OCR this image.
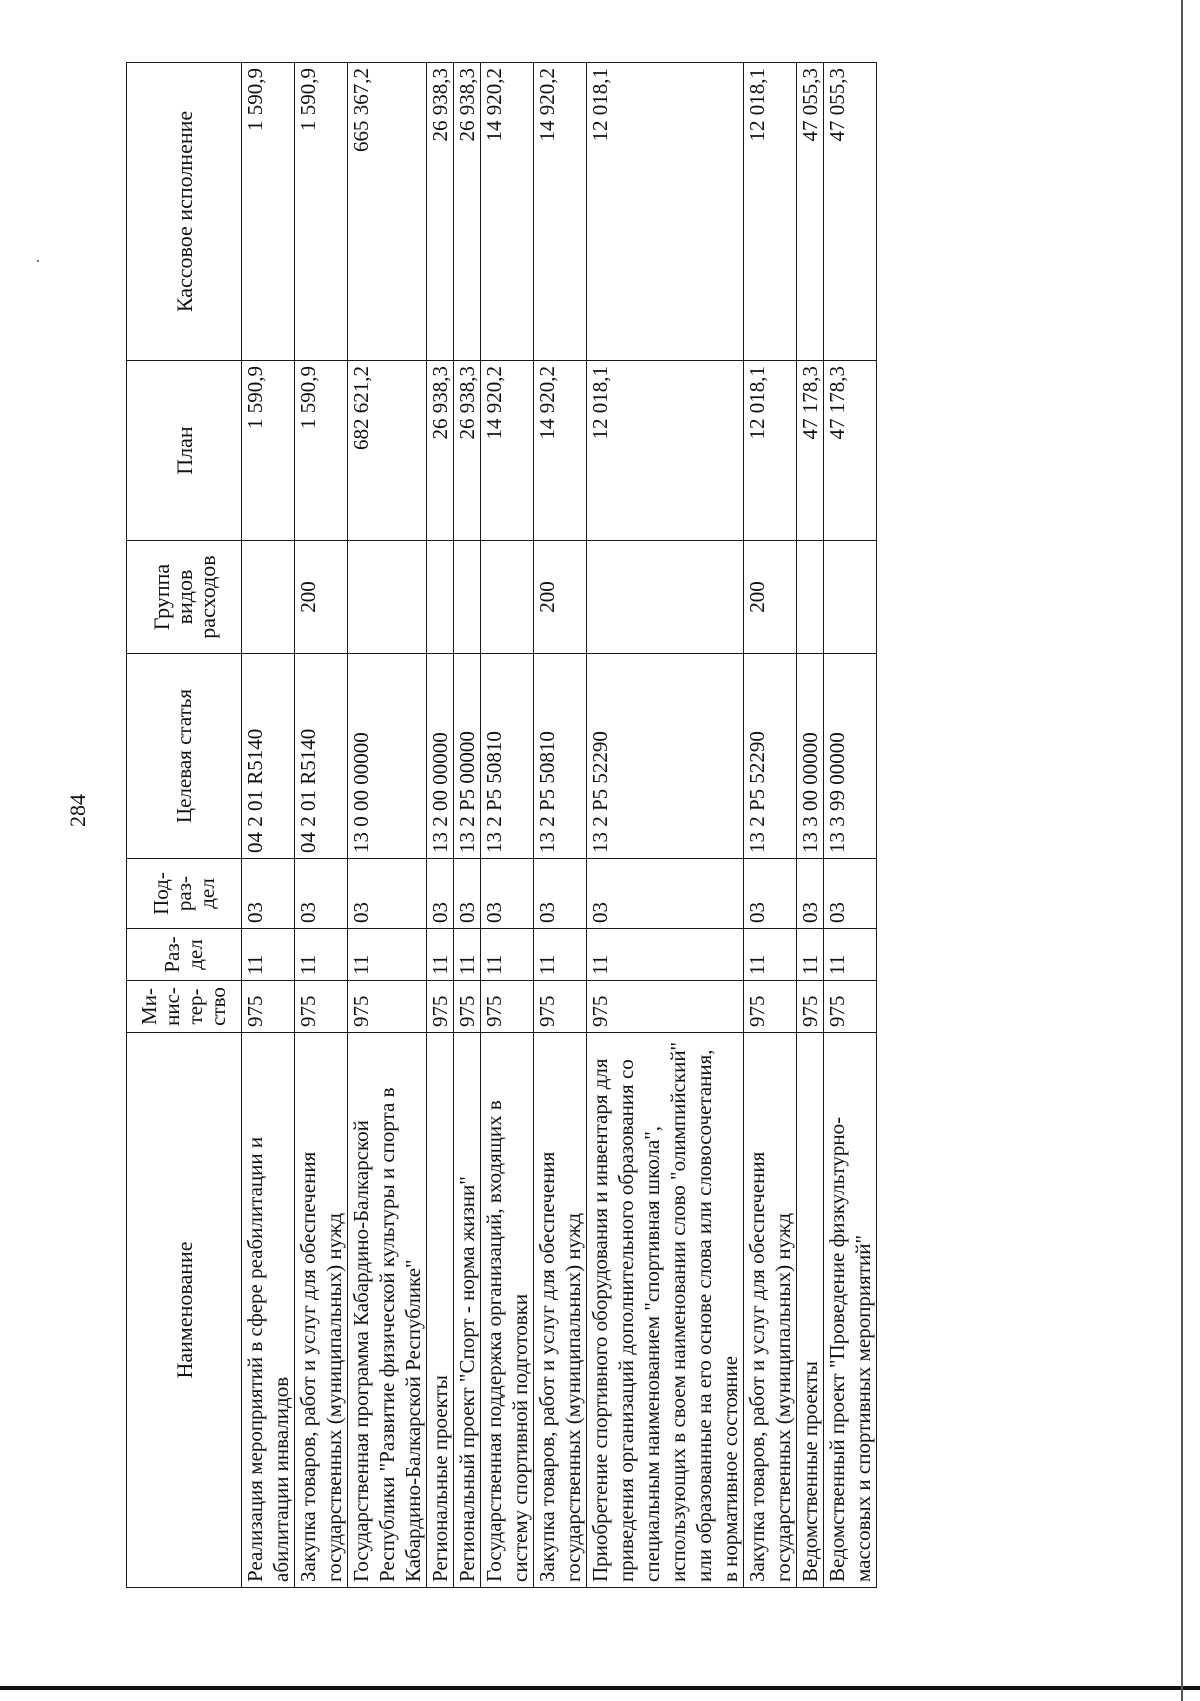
284
Наименование	Ми-нис-тер-ство	Раз-дел	Под-раз-дел	Целевая статья	Группа видов расходов	План	Кассовое исполнение
Реализация мероприятий в сфере реабилитации и абилитации инвалидов	975	11	03	04 2 01 R5140		1 590,9	1 590,9
Закупка товаров, работ и услуг для обеспечения государственных (муниципальных) нужд	975	11	03	04 2 01 R5140	200	1 590,9	1 590,9
Государственная программа Кабардино-Балкарской Республики "Развитие физической культуры и спорта в Кабардино-Балкарской Республике"	975	11	03	13 0 00 00000		682 621,2	665 367,2
Региональные проекты	975	11	03	13 2 00 00000		26 938,3	26 938,3
Региональный проект "Спорт - норма жизни"	975	11	03	13 2 P5 00000		26 938,3	26 938,3
Государственная поддержка организаций, входящих в систему спортивной подготовки	975	11	03	13 2 P5 50810		14 920,2	14 920,2
Закупка товаров, работ и услуг для обеспечения государственных (муниципальных) нужд	975	11	03	13 2 P5 50810	200	14 920,2	14 920,2
Приобретение спортивного оборудования и инвентаря для приведения организаций дополнительного образования со специальным наименованием "спортивная школа", использующих в своем наименовании слово "олимпийский" или образованные на его основе слова или словосочетания, в нормативное состояние	975	11	03	13 2 P5 52290		12 018,1	12 018,1
Закупка товаров, работ и услуг для обеспечения государственных (муниципальных) нужд	975	11	03	13 2 P5 52290	200	12 018,1	12 018,1
Ведомственные проекты	975	11	03	13 3 00 00000		47 178,3	47 055,3
Ведомственный проект "Проведение физкультурно-массовых и спортивных мероприятий"	975	11	03	13 3 99 00000		47 178,3	47 055,3
